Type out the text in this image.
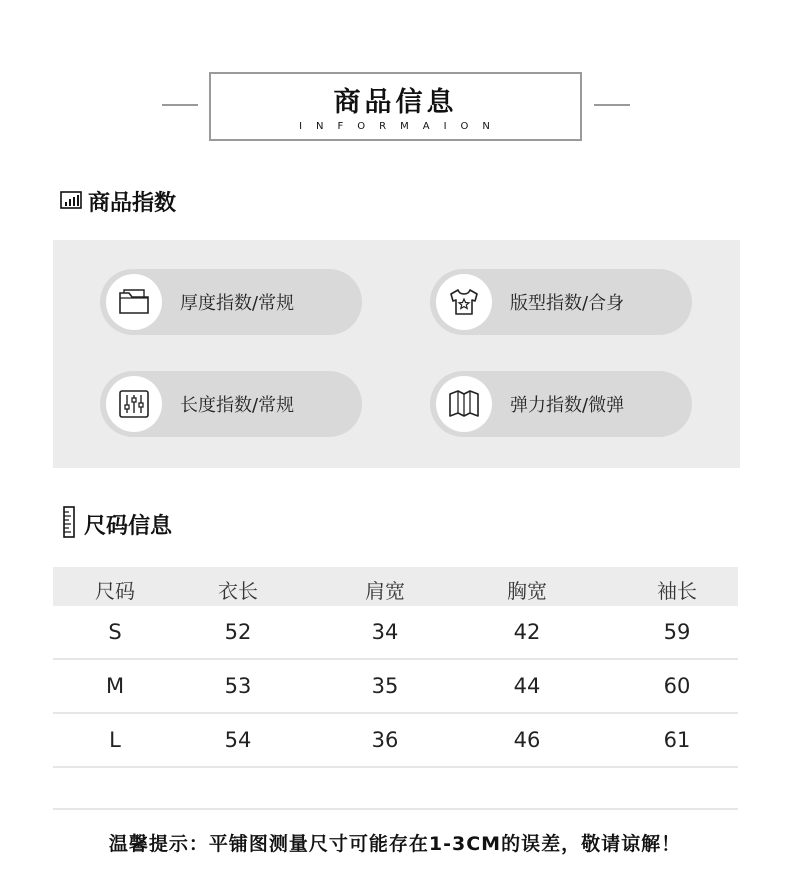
商品信息
INFORMAION
商品指数
厚度指数/常规	版型指数/合身
长度指数/常规	弹力指数/微弹
尺码信息
尺码	衣长	肩宽	胸宽	袖长
S	52	34	42	59
M	53	35	44	60
L	54	36	46	61
温馨提示：平铺图测量尺寸可能存在1-3CM的误差，敬请谅解！
